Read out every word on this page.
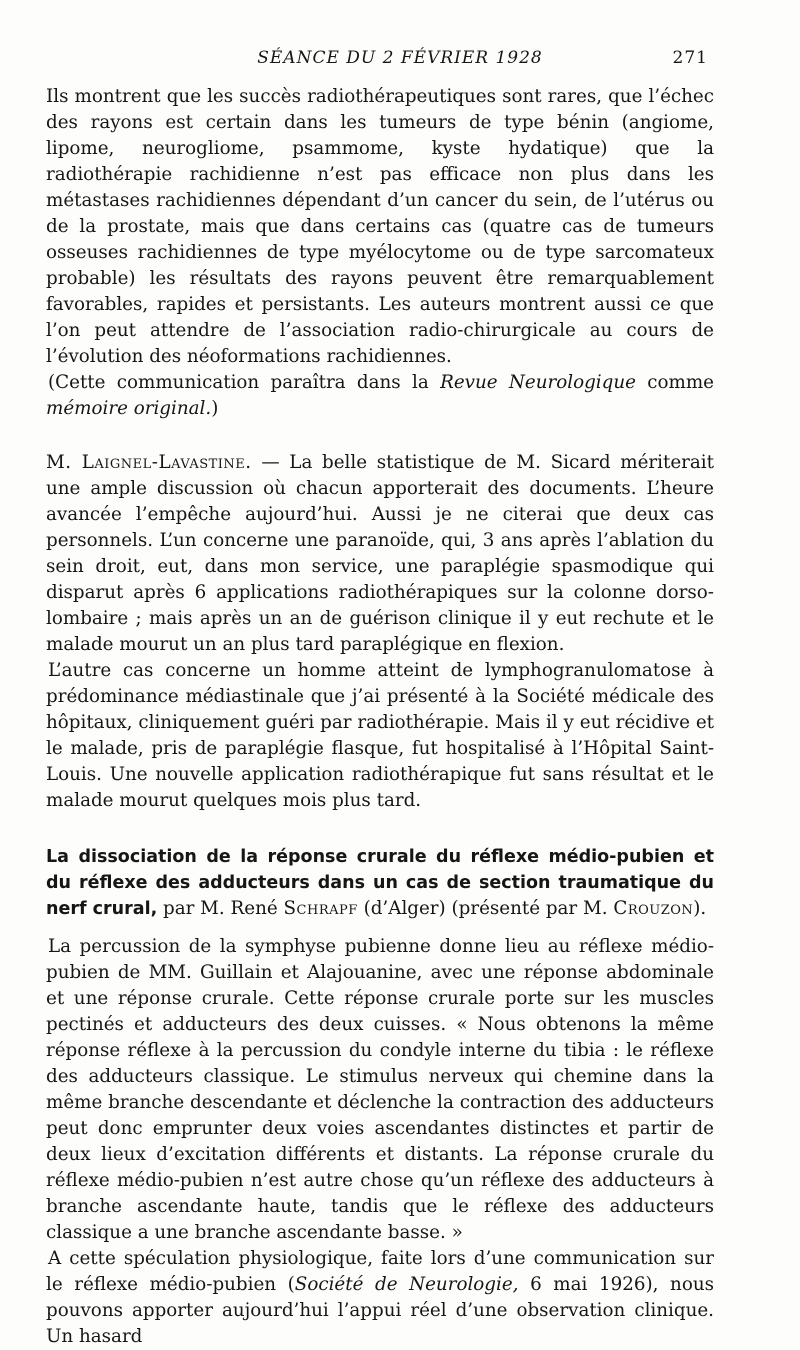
SÉANCE DU 2 FÉVRIER 1928	271

Ils montrent que les succès radiothérapeutiques sont rares, que l’échec des rayons est certain dans les tumeurs de type bénin (angiome, lipome, neurogliome, psammome, kyste hydatique) que la radiothérapie rachidienne n’est pas efficace non plus dans les métastases rachidiennes dépendant d’un cancer du sein, de l’utérus ou de la prostate, mais que dans certains cas (quatre cas de tumeurs osseuses rachidiennes de type myélocytome ou de type sarcomateux probable) les résultats des rayons peuvent être remarquablement favorables, rapides et persistants. Les auteurs montrent aussi ce que l’on peut attendre de l’association radio-chirurgicale au cours de l’évolution des néoformations rachidiennes.

(Cette communication paraîtra dans la Revue Neurologique comme mémoire original.)

M. Laignel-Lavastine. — La belle statistique de M. Sicard mériterait une ample discussion où chacun apporterait des documents. L’heure avancée l’empêche aujourd’hui. Aussi je ne citerai que deux cas personnels. L’un concerne une paranoïde, qui, 3 ans après l’ablation du sein droit, eut, dans mon service, une paraplégie spasmodique qui disparut après 6 applications radiothérapiques sur la colonne dorso-lombaire ; mais après un an de guérison clinique il y eut rechute et le malade mourut un an plus tard paraplégique en flexion.

L’autre cas concerne un homme atteint de lymphogranulomatose à prédominance médiastinale que j’ai présenté à la Société médicale des hôpitaux, cliniquement guéri par radiothérapie. Mais il y eut récidive et le malade, pris de paraplégie flasque, fut hospitalisé à l’Hôpital Saint-Louis. Une nouvelle application radiothérapique fut sans résultat et le malade mourut quelques mois plus tard.

La dissociation de la réponse crurale du réflexe médio-pubien et du réflexe des adducteurs dans un cas de section traumatique du nerf crural, par M. René Schrapf (d’Alger) (présenté par M. Crouzon).

La percussion de la symphyse pubienne donne lieu au réflexe médio-pubien de MM. Guillain et Alajouanine, avec une réponse abdominale et une réponse crurale. Cette réponse crurale porte sur les muscles pectinés et adducteurs des deux cuisses. « Nous obtenons la même réponse réflexe à la percussion du condyle interne du tibia : le réflexe des adducteurs classique. Le stimulus nerveux qui chemine dans la même branche descendante et déclenche la contraction des adducteurs peut donc emprunter deux voies ascendantes distinctes et partir de deux lieux d’excitation différents et distants. La réponse crurale du réflexe médio-pubien n’est autre chose qu’un réflexe des adducteurs à branche ascendante haute, tandis que le réflexe des adducteurs classique a une branche ascendante basse. »

A cette spéculation physiologique, faite lors d’une communication sur le réflexe médio-pubien (Société de Neurologie, 6 mai 1926), nous pouvons apporter aujourd’hui l’appui réel d’une observation clinique. Un hasard
